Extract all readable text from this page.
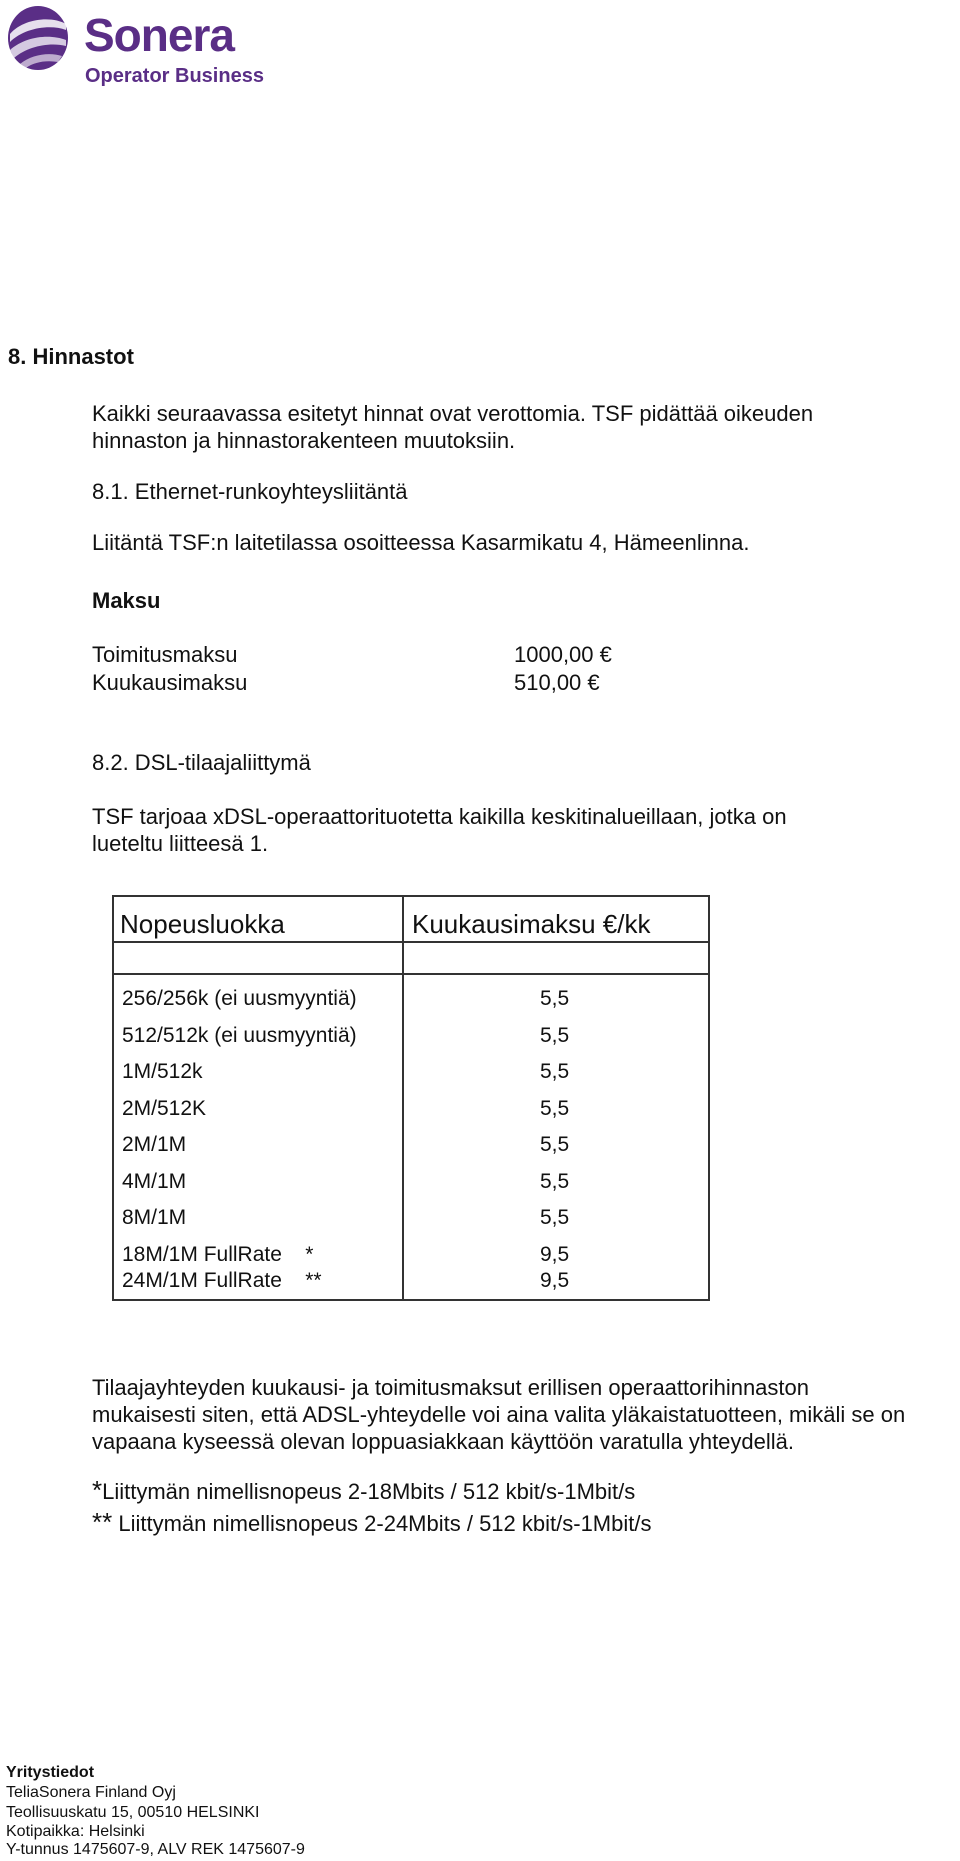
Sonera
Operator Business
8. Hinnastot
Kaikki seuraavassa esitetyt hinnat ovat verottomia. TSF pidättää oikeuden
hinnaston ja hinnastorakenteen muutoksiin.
8.1. Ethernet-runkoyhteysliitäntä
Liitäntä TSF:n laitetilassa osoitteessa Kasarmikatu 4, Hämeenlinna.
Maksu
Toimitusmaksu	1000,00 €
Kuukausimaksu	510,00 €
8.2. DSL-tilaajaliittymä
TSF tarjoaa xDSL-operaattorituotetta kaikilla keskitinalueillaan, jotka on
lueteltu liitteesä 1.
Nopeusluokka	Kuukausimaksu €/kk
256/256k (ei uusmyyntiä)	5,5
512/512k (ei uusmyyntiä)	5,5
1M/512k	5,5
2M/512K	5,5
2M/1M	5,5
4M/1M	5,5
8M/1M	5,5
18M/1M FullRate    *	9,5
24M/1M FullRate    **	9,5
Tilaajayhteyden kuukausi- ja toimitusmaksut erillisen operaattorihinnaston
mukaisesti siten, että ADSL-yhteydelle voi aina valita yläkaistatuotteen, mikäli se on
vapaana kyseessä olevan loppuasiakkaan käyttöön varatulla yhteydellä.
*Liittymän nimellisnopeus 2-18Mbits / 512 kbit/s-1Mbit/s
** Liittymän nimellisnopeus 2-24Mbits / 512 kbit/s-1Mbit/s
Yritystiedot
TeliaSonera Finland Oyj
Teollisuuskatu 15, 00510 HELSINKI
Kotipaikka: Helsinki
Y-tunnus 1475607-9, ALV REK 1475607-9
